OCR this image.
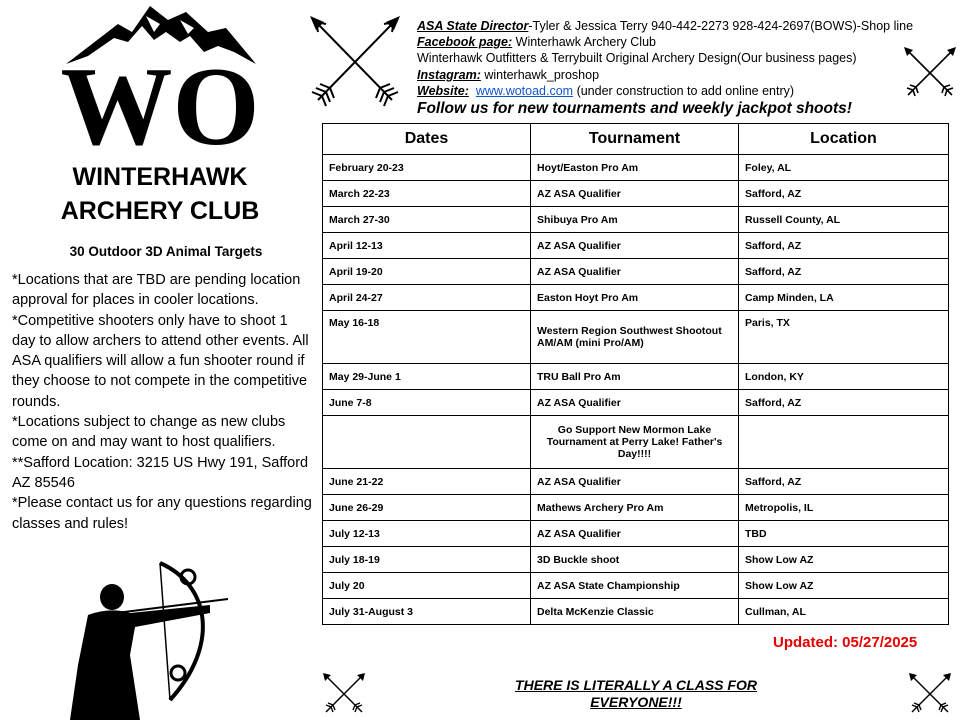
WO
WINTERHAWK
ARCHERY CLUB
30 Outdoor 3D Animal Targets
*Locations that are TBD are pending location approval for places in cooler locations.
*Competitive shooters only have to shoot 1 day to allow archers to attend other events. All ASA qualifiers will allow a fun shooter round if they choose to not compete in the competitive rounds.
*Locations subject to change as new clubs come on and may want to host qualifiers.
**Safford Location: 3215 US Hwy 191, Safford AZ 85546
*Please contact us for any questions regarding classes and rules!
ASA State Director-Tyler & Jessica Terry 940-442-2273 928-424-2697(BOWS)-Shop line
Facebook page: Winterhawk Archery Club
Winterhawk Outfitters & Terrybuilt Original Archery Design(Our business pages)
Instagram: winterhawk_proshop
Website: www.wotoad.com (under construction to add online entry)
Follow us for new tournaments and weekly jackpot shoots!
Dates	Tournament	Location
February 20-23	Hoyt/Easton Pro Am	Foley, AL
March 22-23	AZ ASA Qualifier	Safford, AZ
March 27-30	Shibuya Pro Am	Russell County, AL
April 12-13	AZ ASA Qualifier	Safford, AZ
April 19-20	AZ ASA Qualifier	Safford, AZ
April 24-27	Easton Hoyt Pro Am	Camp Minden, LA
May 16-18	Western Region Southwest Shootout AM/AM (mini Pro/AM)	Paris, TX
May 29-June 1	TRU Ball Pro Am	London, KY
June 7-8	AZ ASA Qualifier	Safford, AZ
	Go Support New Mormon Lake Tournament at Perry Lake! Father's Day!!!!	
June 21-22	AZ ASA Qualifier	Safford, AZ
June 26-29	Mathews Archery Pro Am	Metropolis, IL
July 12-13	AZ ASA Qualifier	TBD
July 18-19	3D Buckle shoot	Show Low AZ
July 20	AZ ASA State Championship	Show Low AZ
July 31-August 3	Delta McKenzie Classic	Cullman, AL
Updated: 05/27/2025
THERE IS LITERALLY A CLASS FOR EVERYONE!!!
